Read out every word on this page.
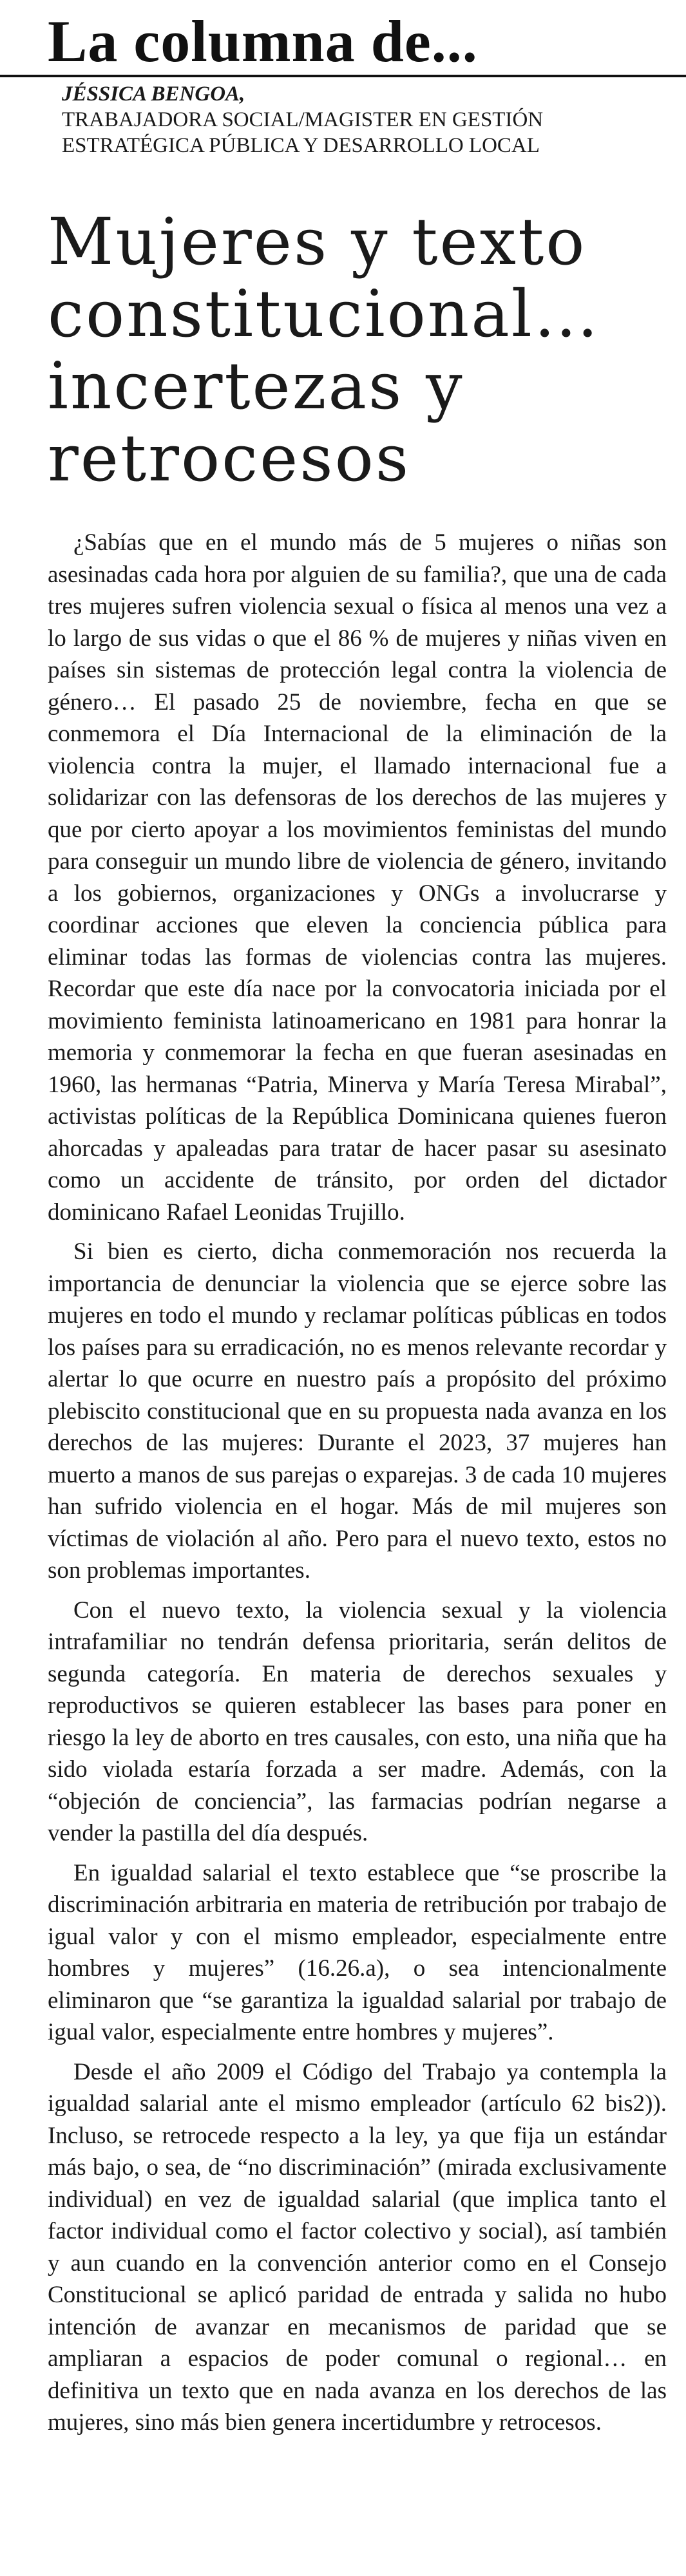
La columna de...
JÉSSICA BENGOA,
TRABAJADORA SOCIAL/MAGISTER EN GESTIÓN
ESTRATÉGICA PÚBLICA Y DESARROLLO LOCAL
Mujeres y texto constitucional… incertezas y retrocesos

¿Sabías que en el mundo más de 5 mujeres o niñas son asesinadas cada hora por alguien de su familia?, que una de cada tres mujeres sufren violencia sexual o física al menos una vez a lo largo de sus vidas o que el 86 % de mujeres y niñas viven en países sin sistemas de protección legal contra la violencia de género… El pasado 25 de noviembre, fecha en que se conmemora el Día Internacional de la eliminación de la violencia contra la mujer, el llamado internacional fue a solidarizar con las defensoras de los derechos de las mujeres y que por cierto apoyar a los movimientos feministas del mundo para conseguir un mundo libre de violencia de género, invitando a los gobiernos, organizaciones y ONGs a involucrarse y coordinar acciones que eleven la conciencia pública para eliminar todas las formas de violencias contra las mujeres. Recordar que este día nace por la convocatoria iniciada por el movimiento feminista latinoamericano en 1981 para honrar la memoria y conmemorar la fecha en que fueran asesinadas en 1960, las hermanas “Patria, Minerva y María Teresa Mirabal”, activistas políticas de la República Dominicana quienes fueron ahorcadas y apaleadas para tratar de hacer pasar su asesinato como un accidente de tránsito, por orden del dictador dominicano Rafael Leonidas Trujillo.

Si bien es cierto, dicha conmemoración nos recuerda la importancia de denunciar la violencia que se ejerce sobre las mujeres en todo el mundo y reclamar políticas públicas en todos los países para su erradicación, no es menos relevante recordar y alertar lo que ocurre en nuestro país a propósito del próximo plebiscito constitucional que en su propuesta nada avanza en los derechos de las mujeres: Durante el 2023, 37 mujeres han muerto a manos de sus parejas o exparejas. 3 de cada 10 mujeres han sufrido violencia en el hogar. Más de mil mujeres son víctimas de violación al año. Pero para el nuevo texto, estos no son problemas importantes.

Con el nuevo texto, la violencia sexual y la violencia intrafamiliar no tendrán defensa prioritaria, serán delitos de segunda categoría. En materia de derechos sexuales y reproductivos se quieren establecer las bases para poner en riesgo la ley de aborto en tres causales, con esto, una niña que ha sido violada estaría forzada a ser madre. Además, con la “objeción de conciencia”, las farmacias podrían negarse a vender la pastilla del día después.

En igualdad salarial el texto establece que “se proscribe la discriminación arbitraria en materia de retribución por trabajo de igual valor y con el mismo empleador, especialmente entre hombres y mujeres” (16.26.a), o sea intencionalmente eliminaron que “se garantiza la igualdad salarial por trabajo de igual valor, especialmente entre hombres y mujeres”.

Desde el año 2009 el Código del Trabajo ya contempla la igualdad salarial ante el mismo empleador (artículo 62 bis2)). Incluso, se retrocede respecto a la ley, ya que fija un estándar más bajo, o sea, de “no discriminación” (mirada exclusivamente individual) en vez de igualdad salarial (que implica tanto el factor individual como el factor colectivo y social), así también y aun cuando en la convención anterior como en el Consejo Constitucional se aplicó paridad de entrada y salida no hubo intención de avanzar en mecanismos de paridad que se ampliaran a espacios de poder comunal o regional… en definitiva un texto que en nada avanza en los derechos de las mujeres, sino más bien genera incertidumbre y retrocesos.
